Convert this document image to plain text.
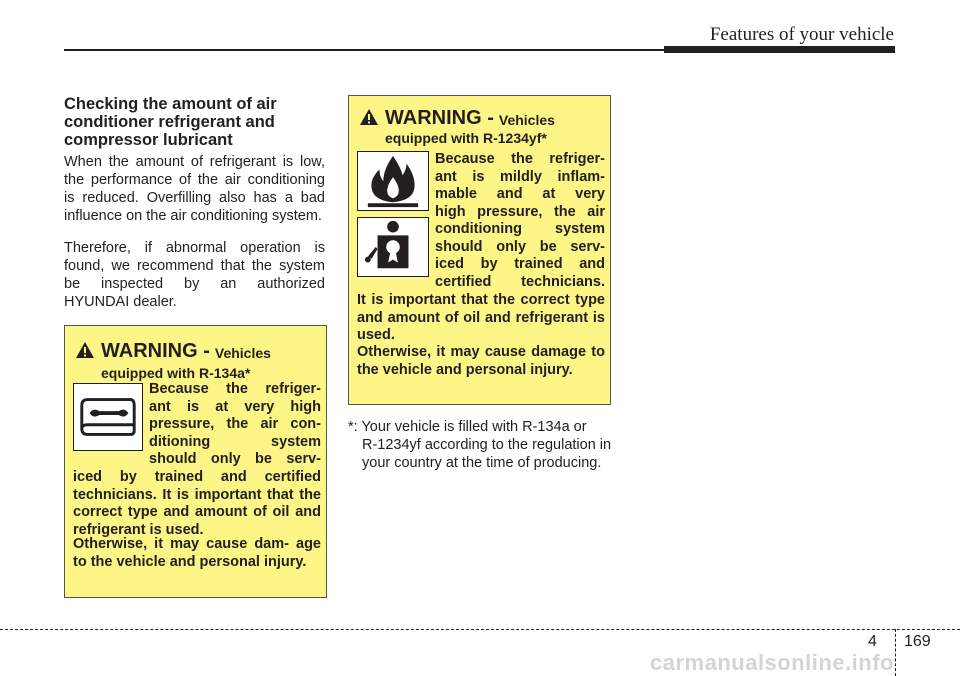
Features of your vehicle
Checking the amount of air conditioner refrigerant and compressor lubricant

When the amount of refrigerant is low, the performance of the air conditioning is reduced. Overfilling also has a bad influence on the air conditioning system.

Therefore, if abnormal operation is found, we recommend that the system be inspected by an authorized HYUNDAI dealer.

WARNING - Vehicles
equipped with R-134a*
Because the refriger-
ant is at very high
pressure, the air con-
ditioning system
should only be serv-

iced by trained and certified technicians. It is important that the correct type and amount of oil and refrigerant is used.

Otherwise, it may cause dam- age to the vehicle and personal injury.

WARNING - Vehicles
equipped with R-1234yf*
Because the refriger-
ant is mildly inflam-
mable and at very
high pressure, the air
conditioning system
should only be serv-
iced by trained and
certified technicians.

It is important that the correct type and amount of oil and refrigerant is used.

Otherwise, it may cause damage to the vehicle and personal injury.

*: Your vehicle is filled with R-134a or
R-1234yf according to the regulation in your country at the time of producing.
4 169
carmanualsonline.info
